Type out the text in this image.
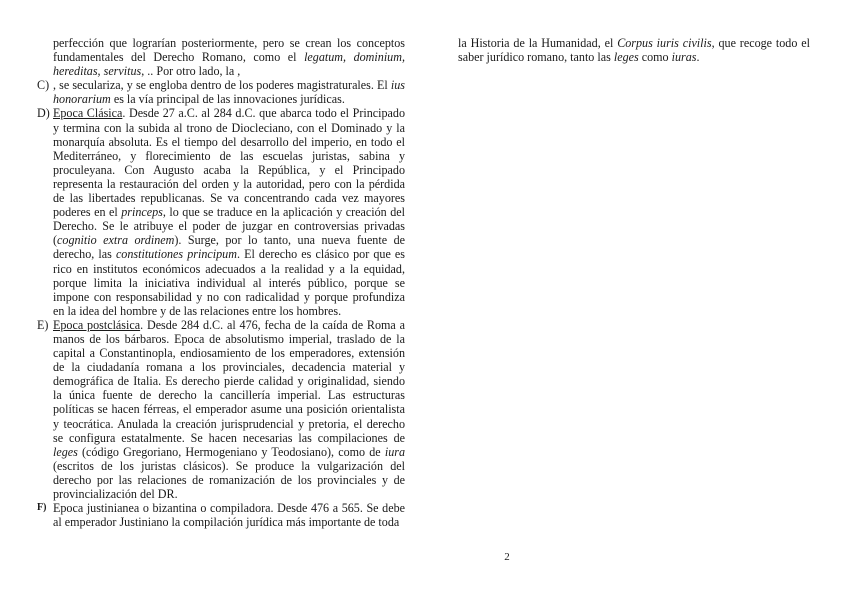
perfección que lograrían posteriormente, pero se crean los conceptos fundamentales del Derecho Romano, como el legatum, dominium, hereditas, servitus, .. Por otro lado, la ,

C) , se seculariza, y se engloba dentro de los poderes magistraturales. El ius honorarium es la vía principal de las innovaciones jurídicas.
D) Epoca Clásica. Desde 27 a.C. al 284 d.C. que abarca todo el Principado y termina con la subida al trono de Diocleciano, con el Dominado y la monarquía absoluta. Es el tiempo del desarrollo del imperio, en todo el Mediterráneo, y florecimiento de las escuelas juristas, sabina y proculeyana. Con Augusto acaba la República, y el Principado representa la restauración del orden y la autoridad, pero con la pérdida de las libertades republicanas. Se va concentrando cada vez mayores poderes en el princeps, lo que se traduce en la aplicación y creación del Derecho. Se le atribuye el poder de juzgar en controversias privadas (cognitio extra ordinem). Surge, por lo tanto, una nueva fuente de derecho, las constitutiones principum. El derecho es clásico por que es rico en institutos económicos adecuados a la realidad y a la equidad, porque limita la iniciativa individual al interés público, porque se impone con responsabilidad y no con radicalidad y porque profundiza en la idea del hombre y de las relaciones entre los hombres.
E) Epoca postclásica. Desde 284 d.C. al 476, fecha de la caída de Roma a manos de los bárbaros. Epoca de absolutismo imperial, traslado de la capital a Constantinopla, endiosamiento de los emperadores, extensión de la ciudadanía romana a los provinciales, decadencia material y demográfica de Italia. Es derecho pierde calidad y originalidad, siendo la única fuente de derecho la cancillería imperial. Las estructuras políticas se hacen férreas, el emperador asume una posición orientalista y teocrática. Anulada la creación jurisprudencial y pretoria, el derecho se configura estatalmente. Se hacen necesarias las compilaciones de leges (código Gregoriano, Hermogeniano y Teodosiano), como de iura (escritos de los juristas clásicos). Se produce la vulgarización del derecho por las relaciones de romanización de los provinciales y de provincialización del DR.
F) Epoca justinianea o bizantina o compiladora. Desde 476 a 565. Se debe al emperador Justiniano la compilación jurídica más importante de toda

la Historia de la Humanidad, el Corpus iuris civilis, que recoge todo el saber jurídico romano, tanto las leges como iuras.

2
